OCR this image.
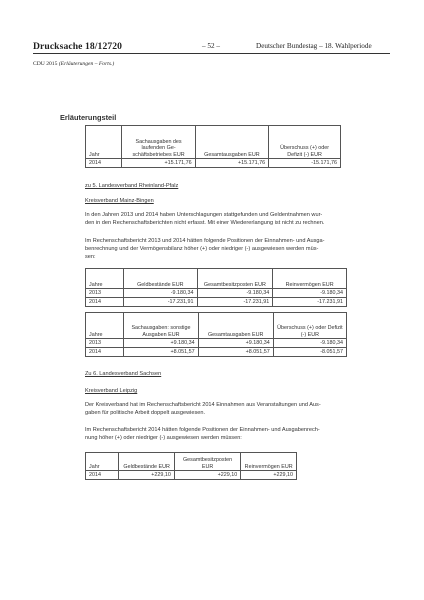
Drucksache 18/12720	– 52 –	Deutscher Bundestag – 18. Wahlperiode
CDU 2015 (Erläuterungen – Forts.)
Erläuterungsteil
Jahr	Sachausgaben des laufenden Ge-schäftsbetriebes EUR	Gesamtausgaben EUR	Überschuss (+) oder Defizit (-) EUR
2014	+15.171,76	+15.171,76	-15.171,76
zu 5. Landesverband Rheinland-Pfalz
Kreisverband Mainz-Bingen
In den Jahren 2013 und 2014 haben Unterschlagungen stattgefunden und Geldentnahmen wur-
den in den Rechenschaftsberichten nicht erfasst. Mit einer Wiedererlangung ist nicht zu rechnen.
Im Rechenschaftsbericht 2013 und 2014 hätten folgende Positionen der Einnahmen- und Ausga-
benrechnung und der Vermögensbilanz höher (+) oder niedriger (-) ausgewiesen werden müs-
sen:
Jahre	Geldbestände EUR	Gesamtbesitzposten EUR	Reinvermögen EUR
2013	-9.180,34	-9.180,34	-9.180,34
2014	-17.231,91	-17.231,91	-17.231,91
Jahre	Sachausgaben: sonstige Ausgaben EUR	Gesamtausgaben EUR	Überschuss (+) oder Defizit (-) EUR
2013	+9.180,34	+9.180,34	-9.180,34
2014	+8.051,57	+8.051,57	-8.051,57
Zu 6. Landesverband Sachsen
Kreisverband Leipzig
Der Kreisverband hat im Rechenschaftsbericht 2014 Einnahmen aus Veranstaltungen und Aus-
gaben für politische Arbeit doppelt ausgewiesen.
Im Rechenschaftsbericht 2014 hätten folgende Positionen der Einnahmen- und Ausgabenrech-
nung höher (+) oder niedriger (-) ausgewiesen werden müssen:
Jahr	Geldbestände EUR	Gesamtbesitzposten EUR	Reinvermögen EUR
2014	+229,10	+229,10	+229,10
